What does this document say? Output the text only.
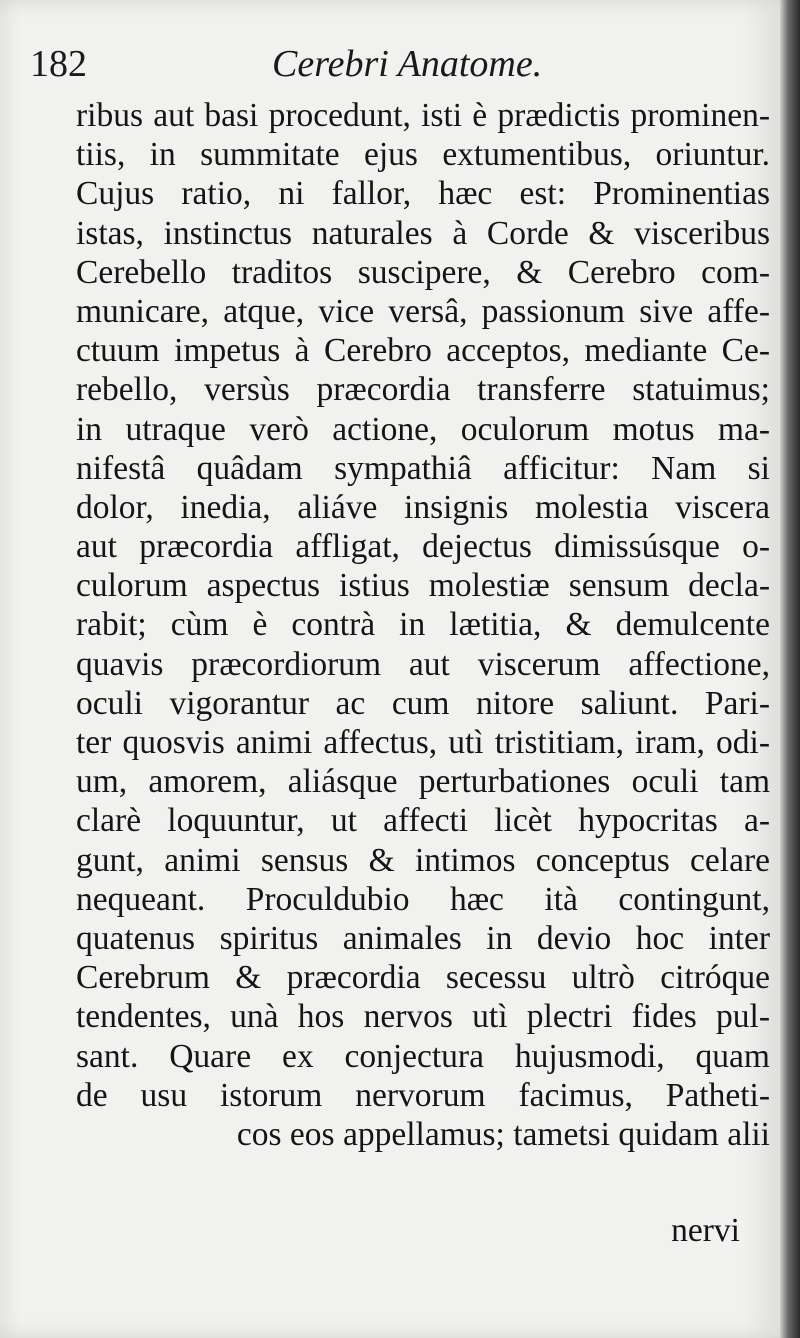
182	Cerebri Anatome.
ribus aut basi procedunt, isti è prædictis prominen-
tiis, in summitate ejus extumentibus, oriuntur.
Cujus ratio, ni fallor, hæc est: Prominentias
istas, instinctus naturales à Corde & visceribus
Cerebello traditos suscipere, & Cerebro com-
municare, atque, vice versâ, passionum sive affe-
ctuum impetus à Cerebro acceptos, mediante Ce-
rebello, versùs præcordia transferre statuimus;
in utraque verò actione, oculorum motus ma-
nifestâ quâdam sympathiâ afficitur: Nam si
dolor, inedia, aliáve insignis molestia viscera
aut præcordia affligat, dejectus dimissúsque o-
culorum aspectus istius molestiæ sensum decla-
rabit; cùm è contrà in lætitia, & demulcente
quavis præcordiorum aut viscerum affectione,
oculi vigorantur ac cum nitore saliunt. Pari-
ter quosvis animi affectus, utì tristitiam, iram, odi-
um, amorem, aliásque perturbationes oculi tam
clarè loquuntur, ut affecti licèt hypocritas a-
gunt, animi sensus & intimos conceptus celare
nequeant. Proculdubio hæc ità contingunt,
quatenus spiritus animales in devio hoc inter
Cerebrum & præcordia secessu ultrò citróque
tendentes, unà hos nervos utì plectri fides pul-
sant. Quare ex conjectura hujusmodi, quam
de usu istorum nervorum facimus, Patheti-
cos eos appellamus; tametsi quidam alii
nervi
